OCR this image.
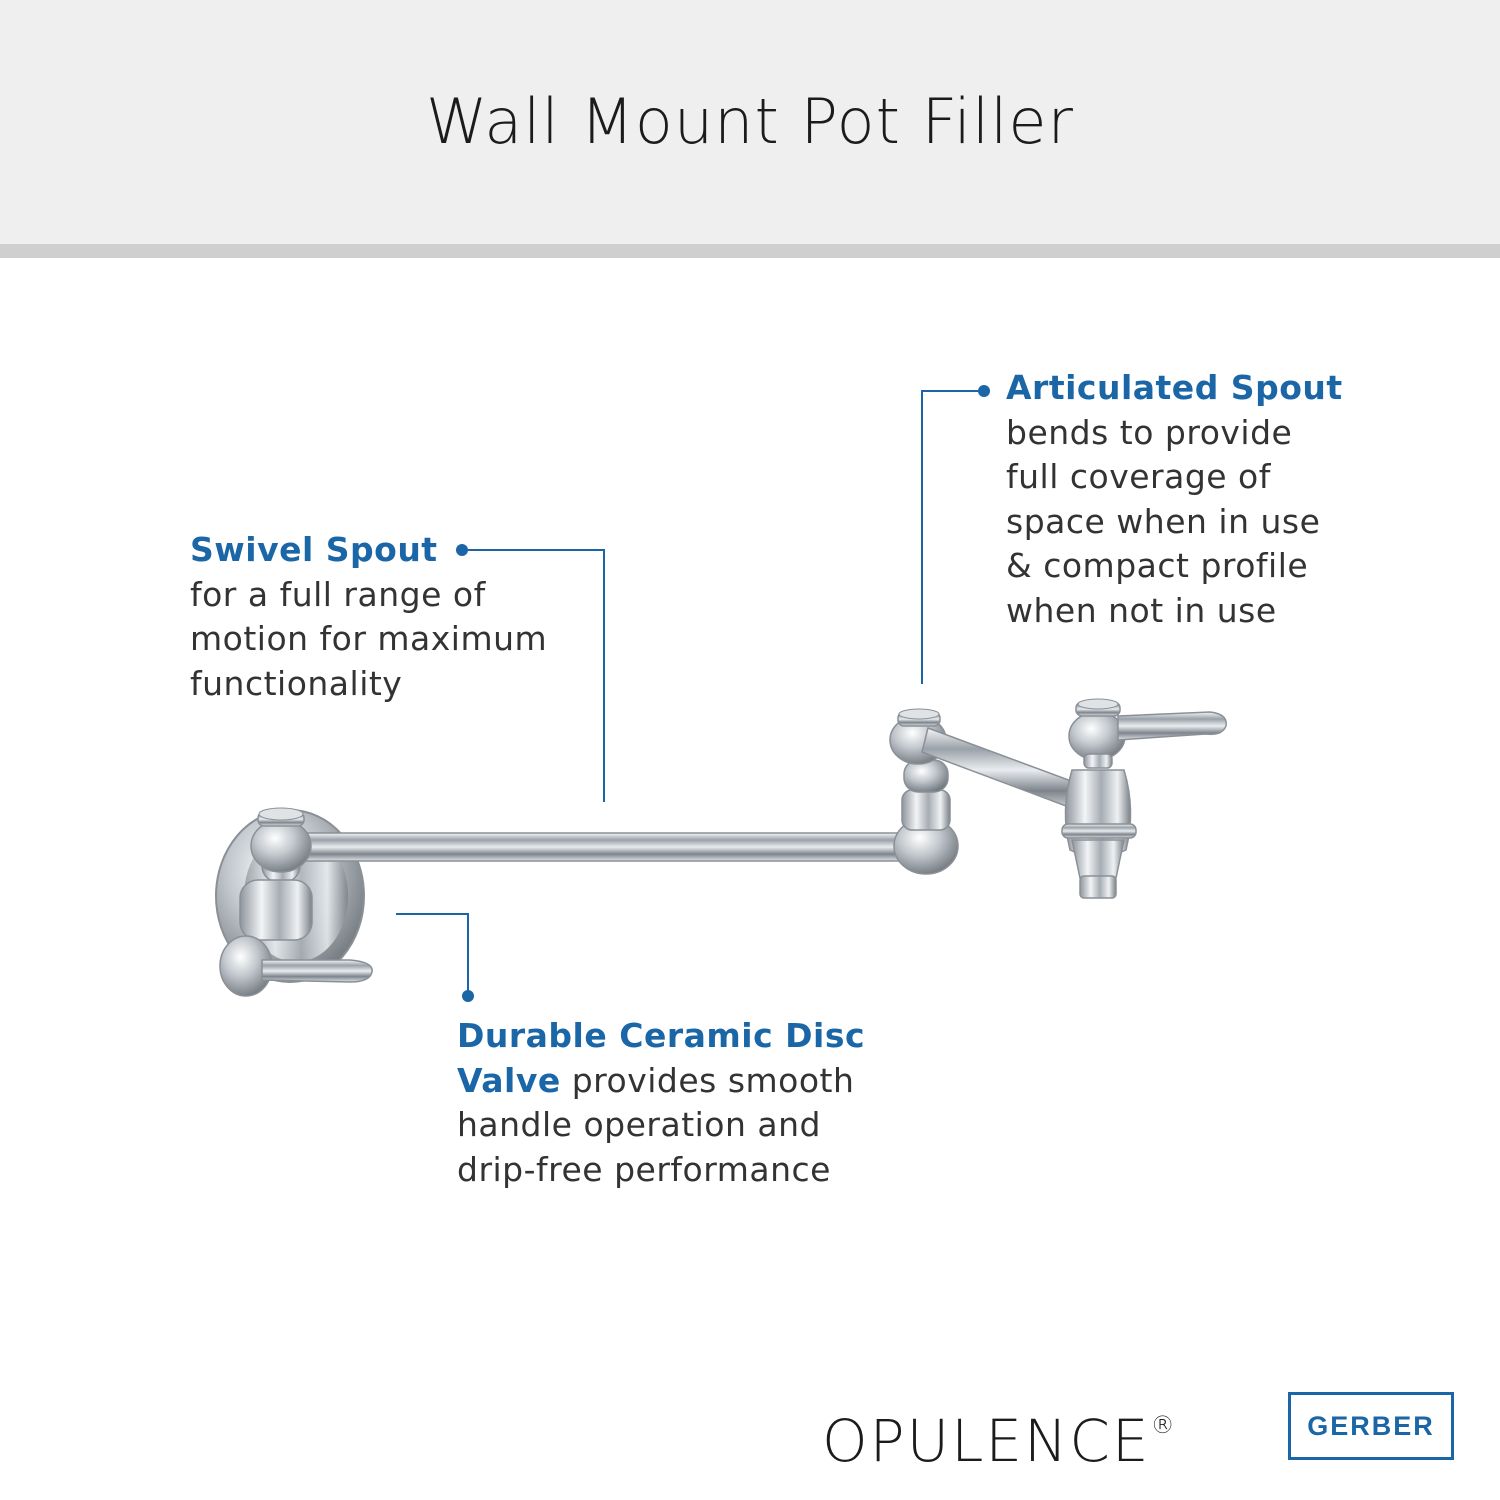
Wall Mount Pot Filler
Swivel Spout
for a full range of
motion for maximum
functionality
Articulated Spout
bends to provide
full coverage of
space when in use
& compact profile
when not in use
Durable Ceramic Disc
Valve provides smooth
handle operation and
drip-free performance
OPULENCE®	GERBER
